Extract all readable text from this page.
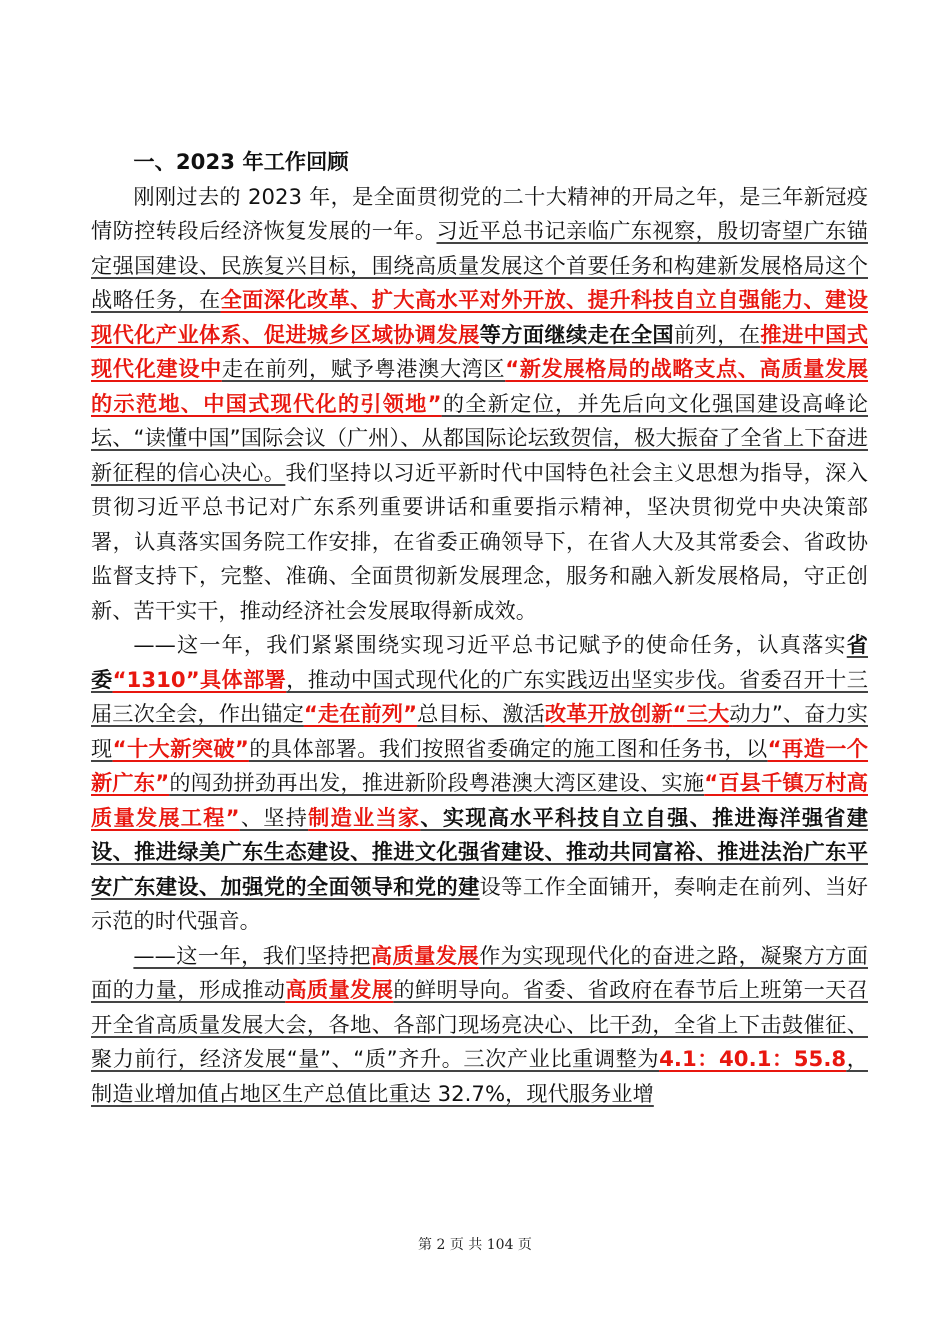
一、2023 年工作回顾

刚刚过去的 2023 年，是全面贯彻党的二十大精神的开局之年，是三年新冠疫情防控转段后经济恢复发展的一年。习近平总书记亲临广东视察，殷切寄望广东锚定强国建设、民族复兴目标，围绕高质量发展这个首要任务和构建新发展格局这个战略任务，在全面深化改革、扩大高水平对外开放、提升科技自立自强能力、建设现代化产业体系、促进城乡区域协调发展等方面继续走在全国前列，在推进中国式现代化建设中走在前列，赋予粤港澳大湾区“新发展格局的战略支点、高质量发展的示范地、中国式现代化的引领地”的全新定位，并先后向文化强国建设高峰论坛、“读懂中国”国际会议（广州）、从都国际论坛致贺信，极大振奋了全省上下奋进新征程的信心决心。我们坚持以习近平新时代中国特色社会主义思想为指导，深入贯彻习近平总书记对广东系列重要讲话和重要指示精神，坚决贯彻党中央决策部署，认真落实国务院工作安排，在省委正确领导下，在省人大及其常委会、省政协监督支持下，完整、准确、全面贯彻新发展理念，服务和融入新发展格局，守正创新、苦干实干，推动经济社会发展取得新成效。

——这一年，我们紧紧围绕实现习近平总书记赋予的使命任务，认真落实省委“1310”具体部署，推动中国式现代化的广东实践迈出坚实步伐。省委召开十三届三次全会，作出锚定“走在前列”总目标、激活改革开放创新“三大动力”、奋力实现“十大新突破”的具体部署。我们按照省委确定的施工图和任务书，以“再造一个新广东”的闯劲拼劲再出发，推进新阶段粤港澳大湾区建设、实施“百县千镇万村高质量发展工程”、坚持制造业当家、实现高水平科技自立自强、推进海洋强省建设、推进绿美广东生态建设、推进文化强省建设、推动共同富裕、推进法治广东平安广东建设、加强党的全面领导和党的建设等工作全面铺开，奏响走在前列、当好示范的时代强音。

——这一年，我们坚持把高质量发展作为实现现代化的奋进之路，凝聚方方面面的力量，形成推动高质量发展的鲜明导向。省委、省政府在春节后上班第一天召开全省高质量发展大会，各地、各部门现场亮决心、比干劲，全省上下击鼓催征、聚力前行，经济发展“量”、“质”齐升。三次产业比重调整为4.1：40.1：55.8，制造业增加值占地区生产总值比重达 32.7%，现代服务业增

第 2 页 共 104 页
